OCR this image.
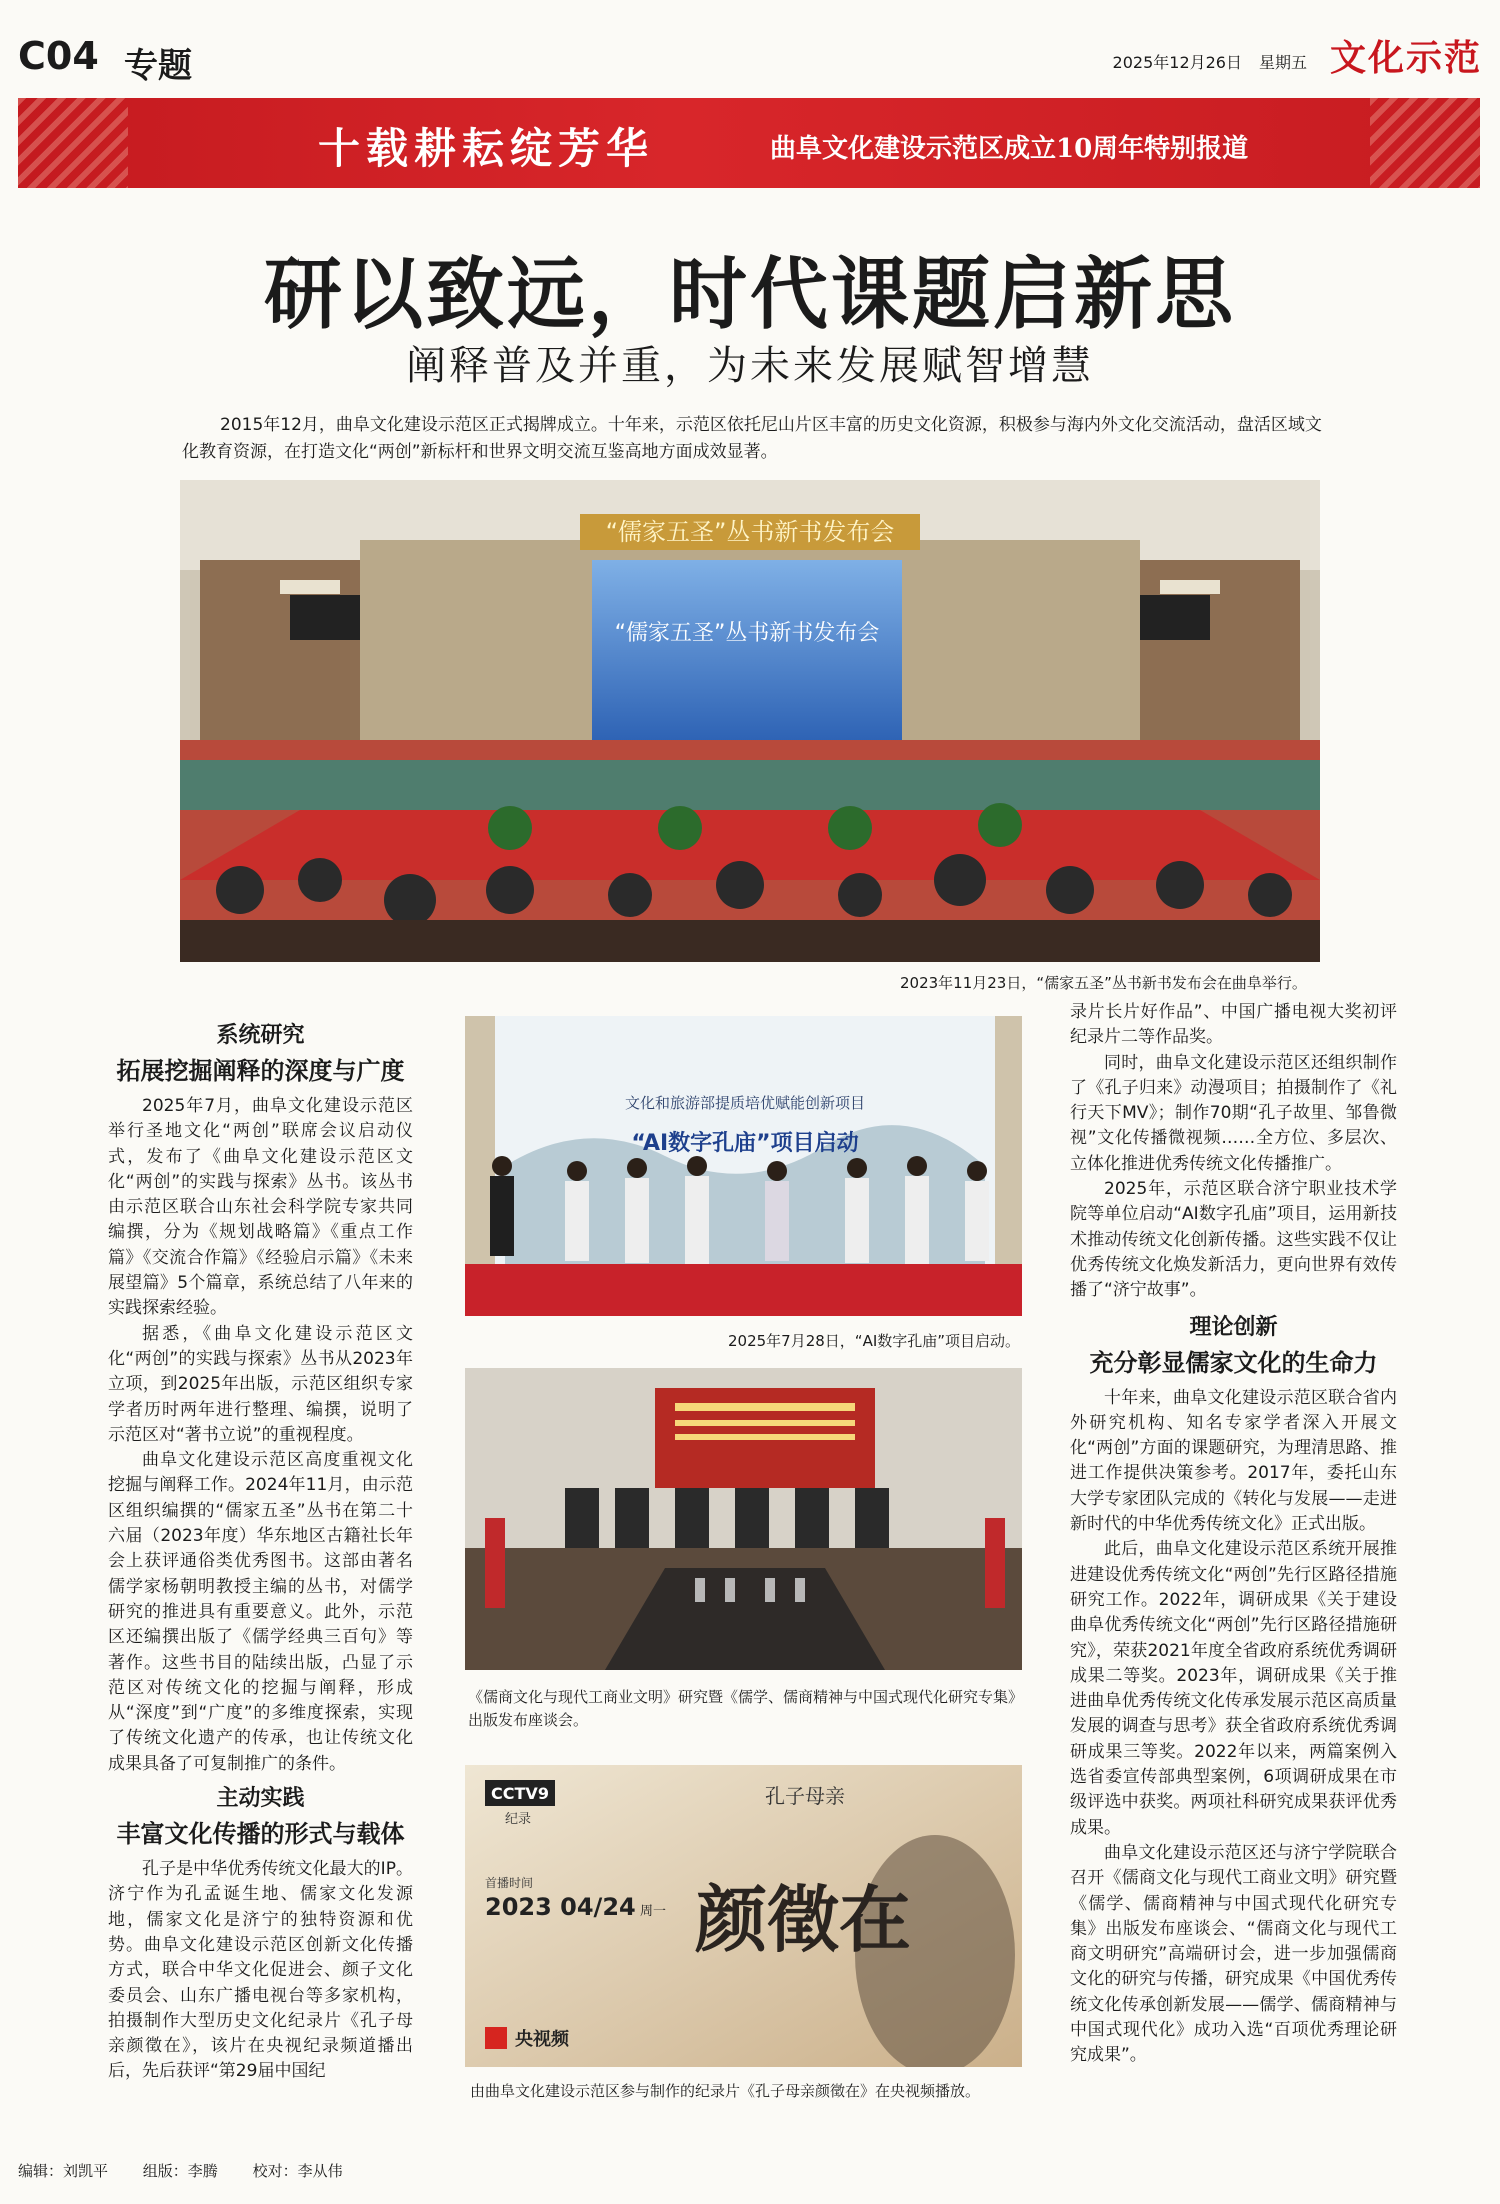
C04 专题	2025年12月26日 星期五 文化示范
十载耕耘绽芳华	曲阜文化建设示范区成立10周年特别报道
研以致远，时代课题启新思
阐释普及并重，为未来发展赋智增慧
2015年12月，曲阜文化建设示范区正式揭牌成立。十年来，示范区依托尼山片区丰富的历史文化资源，积极参与海内外文化交流活动，盘活区域文化教育资源，在打造文化“两创”新标杆和世界文明交流互鉴高地方面成效显著。
“儒家五圣”丛书新书发布会
“儒家五圣”丛书新书发布会
2023年11月23日，“儒家五圣”丛书新书发布会在曲阜举行。
系统研究
拓展挖掘阐释的深度与广度

2025年7月，曲阜文化建设示范区举行圣地文化“两创”联席会议启动仪式，发布了《曲阜文化建设示范区文化“两创”的实践与探索》丛书。该丛书由示范区联合山东社会科学院专家共同编撰，分为《规划战略篇》《重点工作篇》《交流合作篇》《经验启示篇》《未来展望篇》5个篇章，系统总结了八年来的实践探索经验。

据悉，《曲阜文化建设示范区文化“两创”的实践与探索》丛书从2023年立项，到2025年出版，示范区组织专家学者历时两年进行整理、编撰，说明了示范区对“著书立说”的重视程度。

曲阜文化建设示范区高度重视文化挖掘与阐释工作。2024年11月，由示范区组织编撰的“儒家五圣”丛书在第二十六届（2023年度）华东地区古籍社长年会上获评通俗类优秀图书。这部由著名儒学家杨朝明教授主编的丛书，对儒学研究的推进具有重要意义。此外，示范区还编撰出版了《儒学经典三百句》等著作。这些书目的陆续出版，凸显了示范区对传统文化的挖掘与阐释，形成从“深度”到“广度”的多维度探索，实现了传统文化遗产的传承，也让传统文化成果具备了可复制推广的条件。

主动实践
丰富文化传播的形式与载体

孔子是中华优秀传统文化最大的IP。济宁作为孔孟诞生地、儒家文化发源地，儒家文化是济宁的独特资源和优势。曲阜文化建设示范区创新文化传播方式，联合中华文化促进会、颜子文化委员会、山东广播电视台等多家机构，拍摄制作大型历史文化纪录片《孔子母亲颜徵在》，该片在央视纪录频道播出后，先后获评“第29届中国纪

文化和旅游部提质培优赋能创新项目
“AI数字孔庙”项目启动
2025年7月28日，“AI数字孔庙”项目启动。
《儒商文化与现代工商业文明》研究暨《儒学、儒商精神与中国式现代化研究专集》出版发布座谈会。
CCTV9
纪录
孔子母亲
颜徵在
首播时间
2023 04/24 周一
央视频
由曲阜文化建设示范区参与制作的纪录片《孔子母亲颜徵在》在央视频播放。

录片长片好作品”、中国广播电视大奖初评纪录片二等作品奖。

同时，曲阜文化建设示范区还组织制作了《孔子归来》动漫项目；拍摄制作了《礼行天下MV》；制作70期“孔子故里、邹鲁微视”文化传播微视频……全方位、多层次、立体化推进优秀传统文化传播推广。

2025年，示范区联合济宁职业技术学院等单位启动“AI数字孔庙”项目，运用新技术推动传统文化创新传播。这些实践不仅让优秀传统文化焕发新活力，更向世界有效传播了“济宁故事”。

理论创新
充分彰显儒家文化的生命力

十年来，曲阜文化建设示范区联合省内外研究机构、知名专家学者深入开展文化“两创”方面的课题研究，为理清思路、推进工作提供决策参考。2017年，委托山东大学专家团队完成的《转化与发展——走进新时代的中华优秀传统文化》正式出版。

此后，曲阜文化建设示范区系统开展推进建设优秀传统文化“两创”先行区路径措施研究工作。2022年，调研成果《关于建设曲阜优秀传统文化“两创”先行区路径措施研究》，荣获2021年度全省政府系统优秀调研成果二等奖。2023年，调研成果《关于推进曲阜优秀传统文化传承发展示范区高质量发展的调查与思考》获全省政府系统优秀调研成果三等奖。2022年以来，两篇案例入选省委宣传部典型案例，6项调研成果在市级评选中获奖。两项社科研究成果获评优秀成果。

曲阜文化建设示范区还与济宁学院联合召开《儒商文化与现代工商业文明》研究暨《儒学、儒商精神与中国式现代化研究专集》出版发布座谈会、“儒商文化与现代工商文明研究”高端研讨会，进一步加强儒商文化的研究与传播，研究成果《中国优秀传统文化传承创新发展——儒学、儒商精神与中国式现代化》成功入选“百项优秀理论研究成果”。

编辑：刘凯平 组版：李腾 校对：李从伟
